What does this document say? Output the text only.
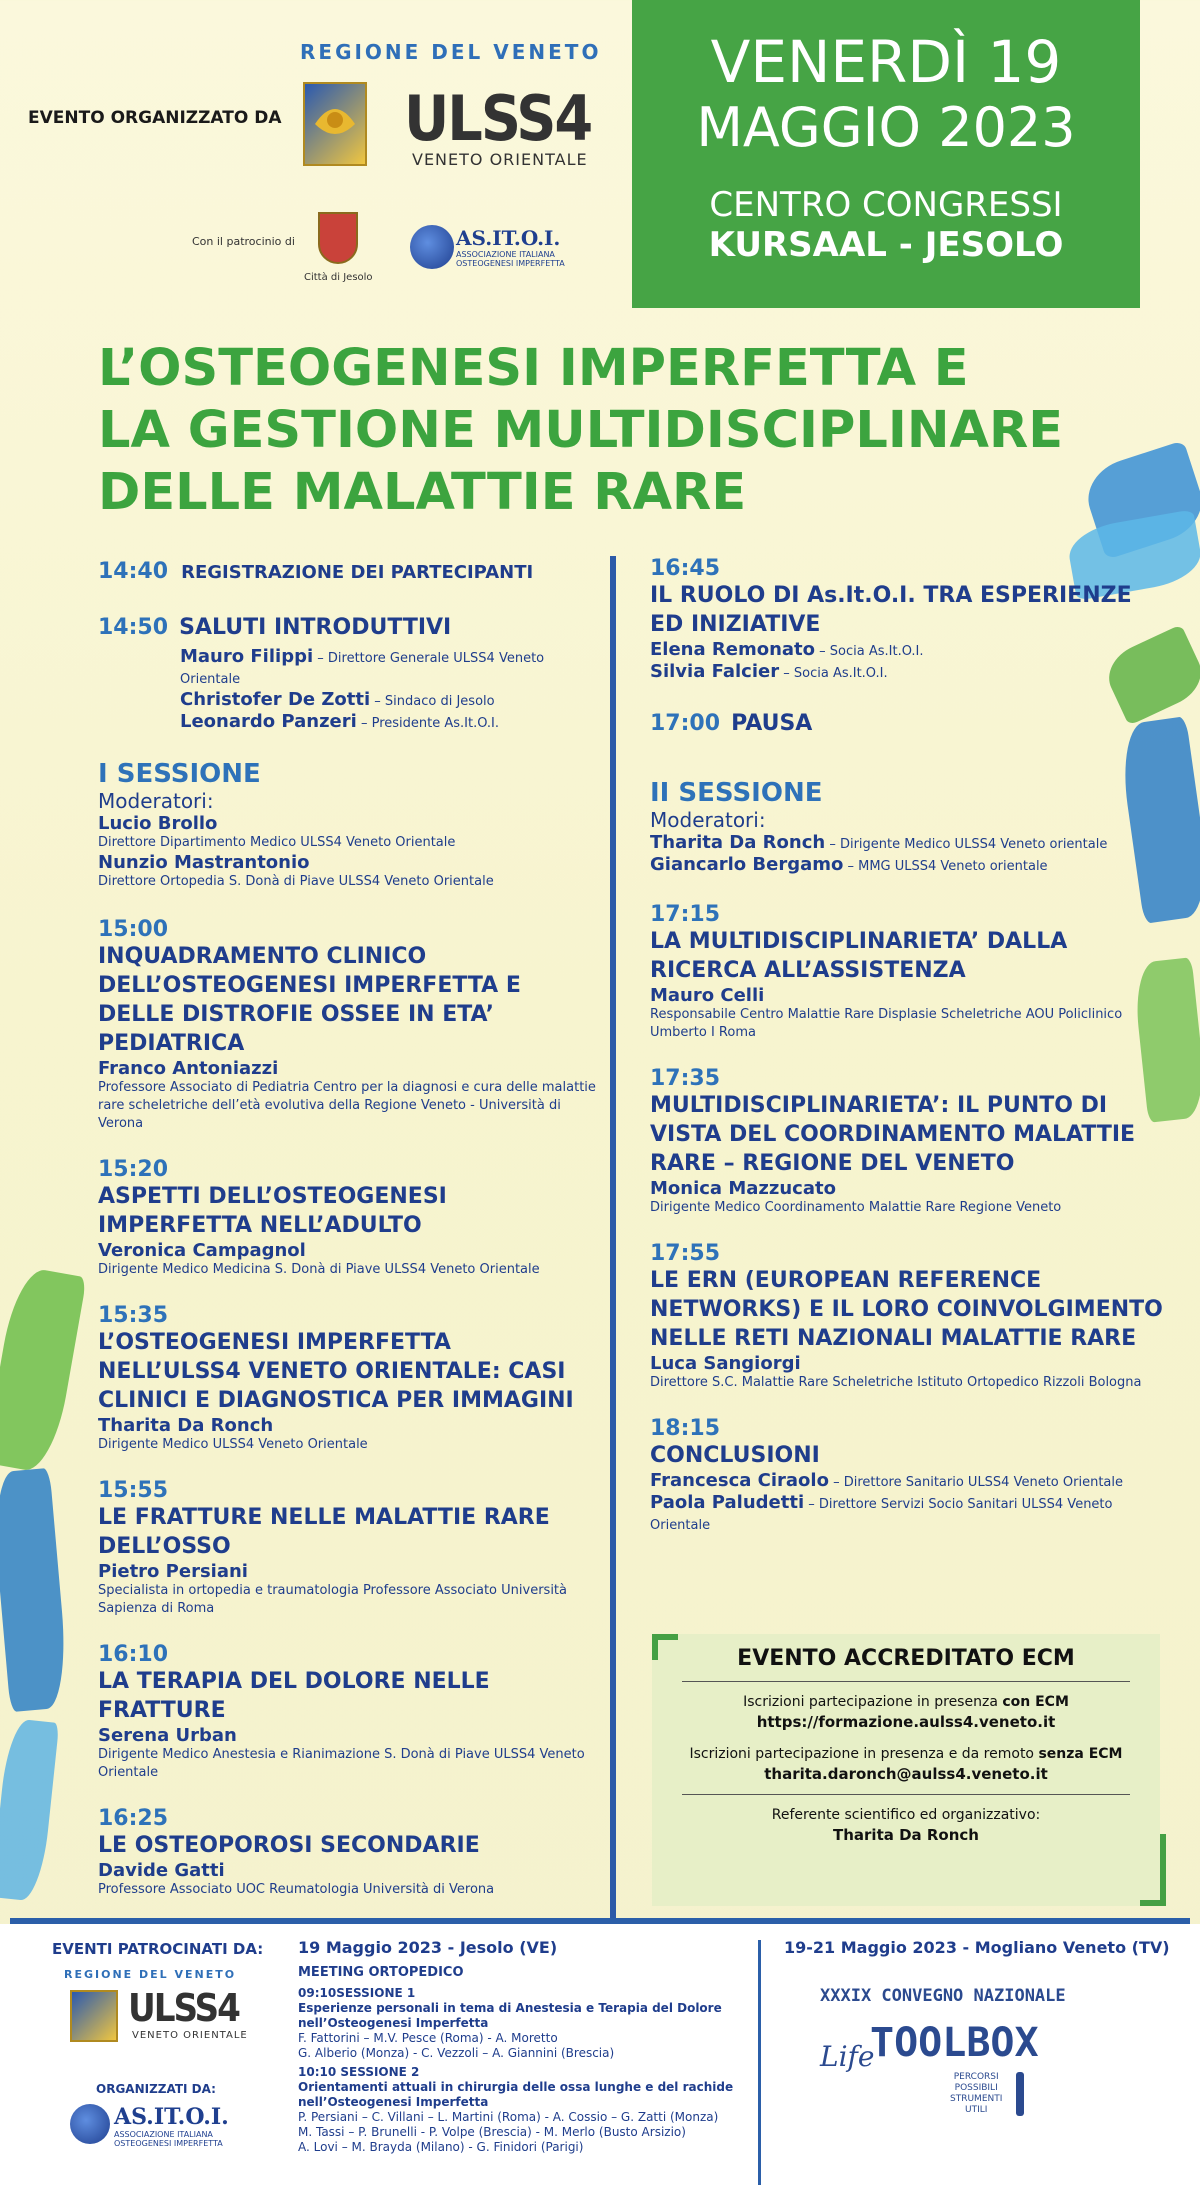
EVENTO ORGANIZZATO DA
REGIONE DEL VENETO
ULSS4
VENETO ORIENTALE
Con il patrocinio di
Città di Jesolo
AS.IT.O.I.
ASSOCIAZIONE ITALIANA OSTEOGENESI IMPERFETTA
VENERDÌ 19
MAGGIO 2023
CENTRO CONGRESSI
KURSAAL - JESOLO
L’OSTEOGENESI IMPERFETTA E
LA GESTIONE MULTIDISCIPLINARE
DELLE MALATTIE RARE
14:40 REGISTRAZIONE DEI PARTECIPANTI
14:50 SALUTI INTRODUTTIVI
Mauro Filippi – Direttore Generale ULSS4 Veneto Orientale
Christofer De Zotti – Sindaco di Jesolo
Leonardo Panzeri – Presidente As.It.O.I.
I SESSIONE
Moderatori:
Lucio Brollo
Direttore Dipartimento Medico ULSS4 Veneto Orientale
Nunzio Mastrantonio
Direttore Ortopedia S. Donà di Piave ULSS4 Veneto Orientale
15:00
INQUADRAMENTO CLINICO DELL’OSTEOGENESI IMPERFETTA E DELLE DISTROFIE OSSEE IN ETA’ PEDIATRICA
Franco Antoniazzi
Professore Associato di Pediatria Centro per la diagnosi e cura delle malattie rare scheletriche dell’età evolutiva della Regione Veneto - Università di Verona
15:20
ASPETTI DELL’OSTEOGENESI IMPERFETTA NELL’ADULTO
Veronica Campagnol
Dirigente Medico Medicina S. Donà di Piave ULSS4 Veneto Orientale
15:35
L’OSTEOGENESI IMPERFETTA NELL’ULSS4 VENETO ORIENTALE: CASI CLINICI E DIAGNOSTICA PER IMMAGINI
Tharita Da Ronch
Dirigente Medico ULSS4 Veneto Orientale
15:55
LE FRATTURE NELLE MALATTIE RARE DELL’OSSO
Pietro Persiani
Specialista in ortopedia e traumatologia Professore Associato Università Sapienza di Roma
16:10
LA TERAPIA DEL DOLORE NELLE FRATTURE
Serena Urban
Dirigente Medico Anestesia e Rianimazione S. Donà di Piave ULSS4 Veneto Orientale
16:25
LE OSTEOPOROSI SECONDARIE
Davide Gatti
Professore Associato UOC Reumatologia Università di Verona
16:45
IL RUOLO DI As.It.O.I. TRA ESPERIENZE ED INIZIATIVE
Elena Remonato – Socia As.It.O.I.
Silvia Falcier – Socia As.It.O.I.
17:00 PAUSA
II SESSIONE
Moderatori:
Tharita Da Ronch – Dirigente Medico ULSS4 Veneto orientale
Giancarlo Bergamo – MMG ULSS4 Veneto orientale
17:15
LA MULTIDISCIPLINARIETA’ DALLA RICERCA ALL’ASSISTENZA
Mauro Celli
Responsabile Centro Malattie Rare Displasie Scheletriche AOU Policlinico Umberto I Roma
17:35
MULTIDISCIPLINARIETA’: IL PUNTO DI VISTA DEL COORDINAMENTO MALATTIE RARE – REGIONE DEL VENETO
Monica Mazzucato
Dirigente Medico Coordinamento Malattie Rare Regione Veneto
17:55
LE ERN (EUROPEAN REFERENCE NETWORKS) E IL LORO COINVOLGIMENTO NELLE RETI NAZIONALI MALATTIE RARE
Luca Sangiorgi
Direttore S.C. Malattie Rare Scheletriche Istituto Ortopedico Rizzoli Bologna
18:15
CONCLUSIONI
Francesca Ciraolo – Direttore Sanitario ULSS4 Veneto Orientale
Paola Paludetti – Direttore Servizi Socio Sanitari ULSS4 Veneto Orientale
EVENTO ACCREDITATO ECM
Iscrizioni partecipazione in presenza con ECM
https://formazione.aulss4.veneto.it
Iscrizioni partecipazione in presenza e da remoto senza ECM
tharita.daronch@aulss4.veneto.it
Referente scientifico ed organizzativo:
Tharita Da Ronch
EVENTI PATROCINATI DA:
REGIONE DEL VENETO
ULSS4
VENETO ORIENTALE
ORGANIZZATI DA:
AS.IT.O.I.
ASSOCIAZIONE ITALIANA OSTEOGENESI IMPERFETTA
19 Maggio 2023 - Jesolo (VE)
MEETING ORTOPEDICO
09:10SESSIONE 1
Esperienze personali in tema di Anestesia e Terapia del Dolore nell’Osteogenesi Imperfetta
F. Fattorini – M.V. Pesce (Roma) - A. Moretto
G. Alberio (Monza) - C. Vezzoli – A. Giannini (Brescia)
10:10 SESSIONE 2
Orientamenti attuali in chirurgia delle ossa lunghe e del rachide nell’Osteogenesi Imperfetta
P. Persiani – C. Villani – L. Martini (Roma) - A. Cossio – G. Zatti (Monza)
M. Tassi – P. Brunelli - P. Volpe (Brescia) - M. Merlo (Busto Arsizio)
A. Lovi – M. Brayda (Milano) - G. Finidori (Parigi)
19-21 Maggio 2023 - Mogliano Veneto (TV)
XXXIX CONVEGNO NAZIONALE
Life
TOOLBOX
PERCORSI
POSSIBILI
STRUMENTI
UTILI
